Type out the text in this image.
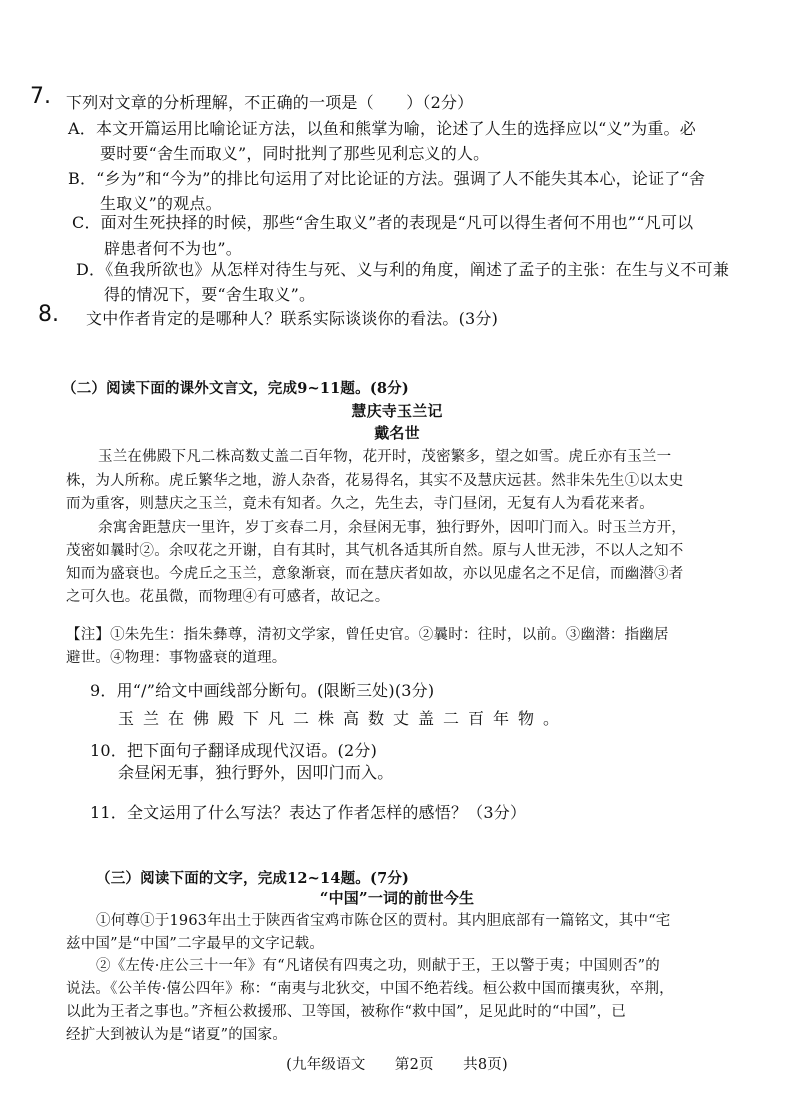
7. 下列对文章的分析理解，不正确的一项是（　　）（2分）
A．本文开篇运用比喻论证方法，以鱼和熊掌为喻，论述了人生的选择应以“义”为重。必
要时要“舍生而取义”，同时批判了那些见利忘义的人。
B．“乡为”和“今为”的排比句运用了对比论证的方法。强调了人不能失其本心，论证了“舍
生取义”的观点。
C．面对生死抉择的时候，那些“舍生取义”者的表现是“凡可以得生者何不用也”“凡可以
辟患者何不为也”。
D．《鱼我所欲也》从怎样对待生与死、义与利的角度，阐述了孟子的主张：在生与义不可兼
得的情况下，要“舍生取义”。
8. 文中作者肯定的是哪种人？联系实际谈谈你的看法。(3分)
（二）阅读下面的课外文言文，完成9~11题。(8分)
慧庆寺玉兰记
戴名世
玉兰在佛殿下凡二株高数丈盖二百年物，花开时，茂密繁多，望之如雪。虎丘亦有玉兰一
株，为人所称。虎丘繁华之地，游人杂沓，花易得名，其实不及慧庆远甚。然非朱先生①以太史
而为重客，则慧庆之玉兰，竟未有知者。久之，先生去，寺门昼闭，无复有人为看花来者。
余寓舍距慧庆一里许，岁丁亥春二月，余昼闲无事，独行野外，因叩门而入。时玉兰方开，
茂密如曩时②。余叹花之开谢，自有其时，其气机各适其所自然。原与人世无涉，不以人之知不
知而为盛衰也。今虎丘之玉兰，意象渐衰，而在慧庆者如故，亦以见虚名之不足信，而幽潜③者
之可久也。花虽微，而物理④有可感者，故记之。
【注】①朱先生：指朱彝尊，清初文学家，曾任史官。②曩时：往时，以前。③幽潜：指幽居
避世。④物理：事物盛衰的道理。
9．用“/”给文中画线部分断句。(限断三处)(3分)
玉兰在佛殿下凡二株高数丈盖二百年物。
10．把下面句子翻译成现代汉语。(2分)
余昼闲无事，独行野外，因叩门而入。
11．全文运用了什么写法？表达了作者怎样的感悟？（3分）
（三）阅读下面的文字，完成12~14题。(7分)
“中国”一词的前世今生
①何尊①于1963年出土于陕西省宝鸡市陈仓区的贾村。其内胆底部有一篇铭文，其中“宅
兹中国”是“中国”二字最早的文字记载。
②《左传·庄公三十一年》有“凡诸侯有四夷之功，则献于王，王以警于夷；中国则否”的
说法。《公羊传·僖公四年》称：“南夷与北狄交，中国不绝若线。桓公救中国而攘夷狄，卒荆，
以此为王者之事也。”齐桓公救援邢、卫等国，被称作“救中国”，足见此时的“中国”，已
经扩大到被认为是“诸夏”的国家。
(九年级语文　　第2页　　共8页)
